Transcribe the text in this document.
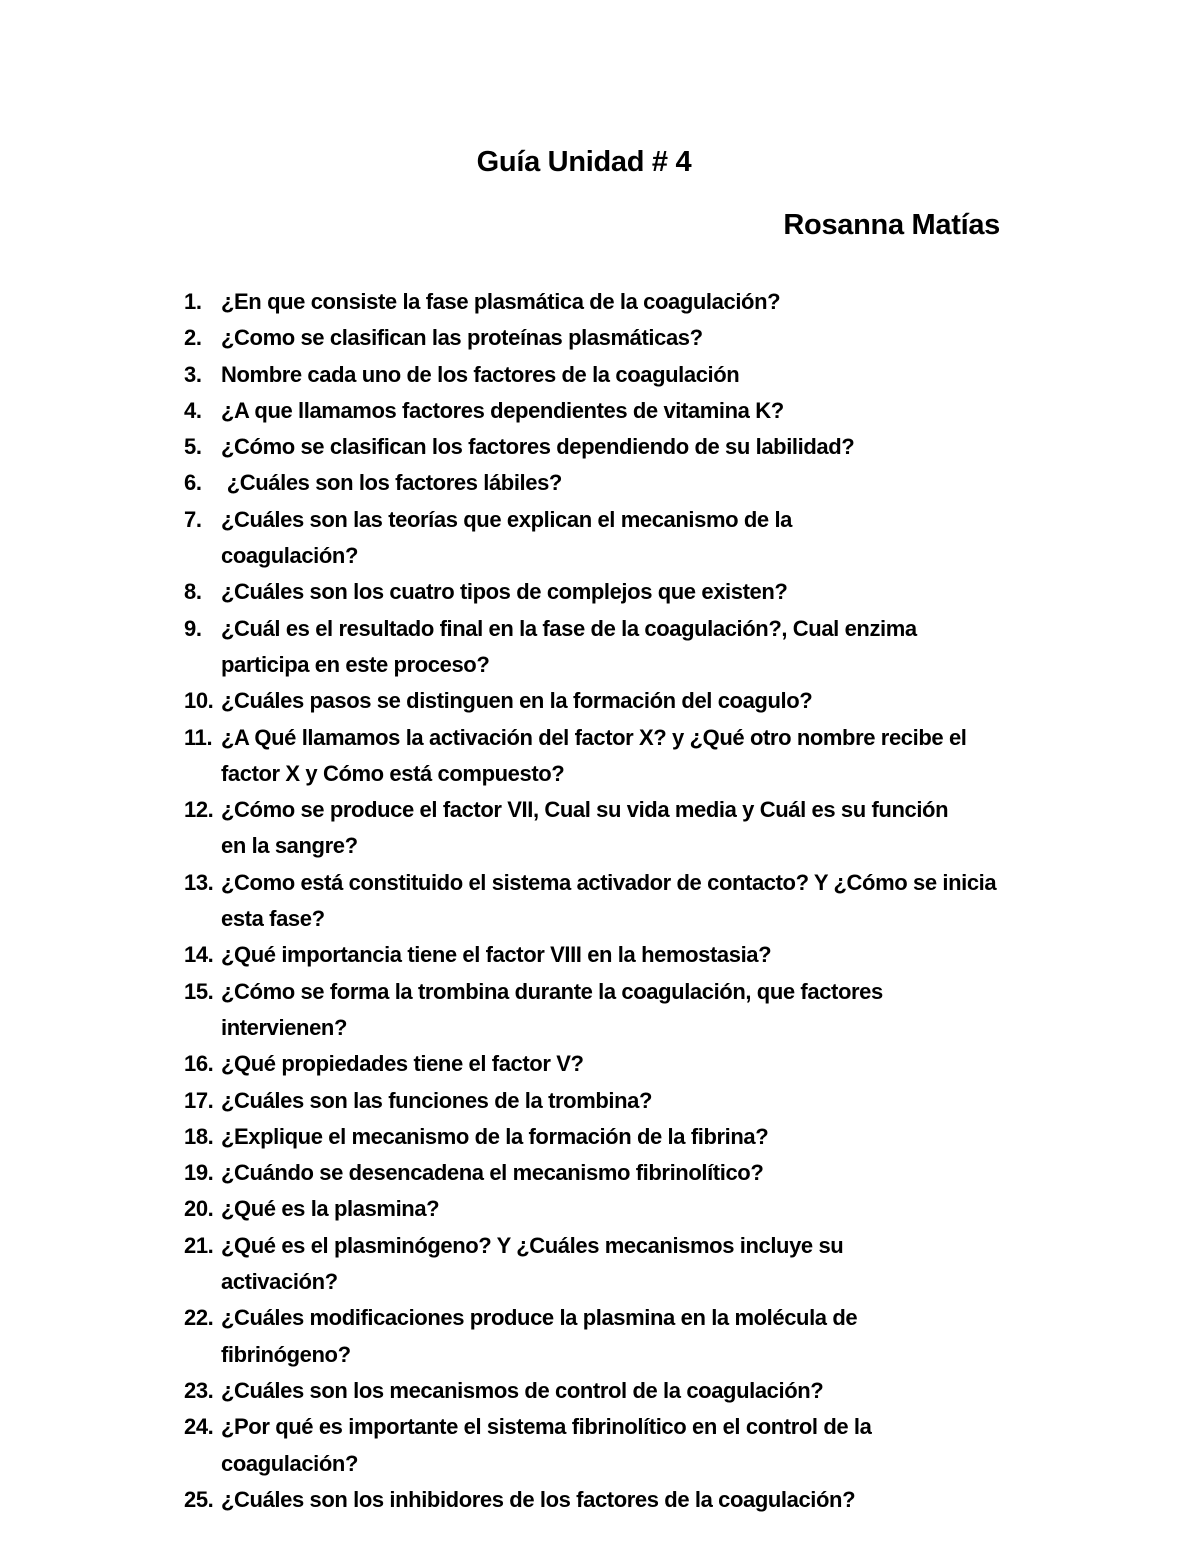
Guía Unidad # 4
Rosanna Matías
1. ¿En que consiste la fase plasmática de la coagulación?
2. ¿Como se clasifican las proteínas plasmáticas?
3. Nombre cada uno de los factores de la coagulación
4. ¿A que llamamos factores dependientes de vitamina K?
5. ¿Cómo se clasifican los factores dependiendo de su labilidad?
6. ¿Cuáles son los factores lábiles?
7. ¿Cuáles son las teorías que explican el mecanismo de la coagulación?
8. ¿Cuáles son los cuatro tipos de complejos que existen?
9. ¿Cuál es el resultado final en la fase de la coagulación?, Cual enzima participa en este proceso?
10. ¿Cuáles pasos se distinguen en la formación del coagulo?
11. ¿A Qué llamamos la activación del factor X? y ¿Qué otro nombre recibe el factor X y Cómo está compuesto?
12. ¿Cómo se produce el factor VII, Cual su vida media y Cuál es su función en la sangre?
13. ¿Como está constituido el sistema activador de contacto? Y ¿Cómo se inicia esta fase?
14. ¿Qué importancia tiene el factor VIII en la hemostasia?
15. ¿Cómo se forma la trombina durante la coagulación, que factores intervienen?
16. ¿Qué propiedades tiene el factor V?
17. ¿Cuáles son las funciones de la trombina?
18. ¿Explique el mecanismo de la formación de la fibrina?
19. ¿Cuándo se desencadena el mecanismo fibrinolítico?
20. ¿Qué es la plasmina?
21. ¿Qué es el plasminógeno? Y ¿Cuáles mecanismos incluye su activación?
22. ¿Cuáles modificaciones produce la plasmina en la molécula de fibrinógeno?
23. ¿Cuáles son los mecanismos de control de la coagulación?
24. ¿Por qué es importante el sistema fibrinolítico en el control de la coagulación?
25. ¿Cuáles son los inhibidores de los factores de la coagulación?
